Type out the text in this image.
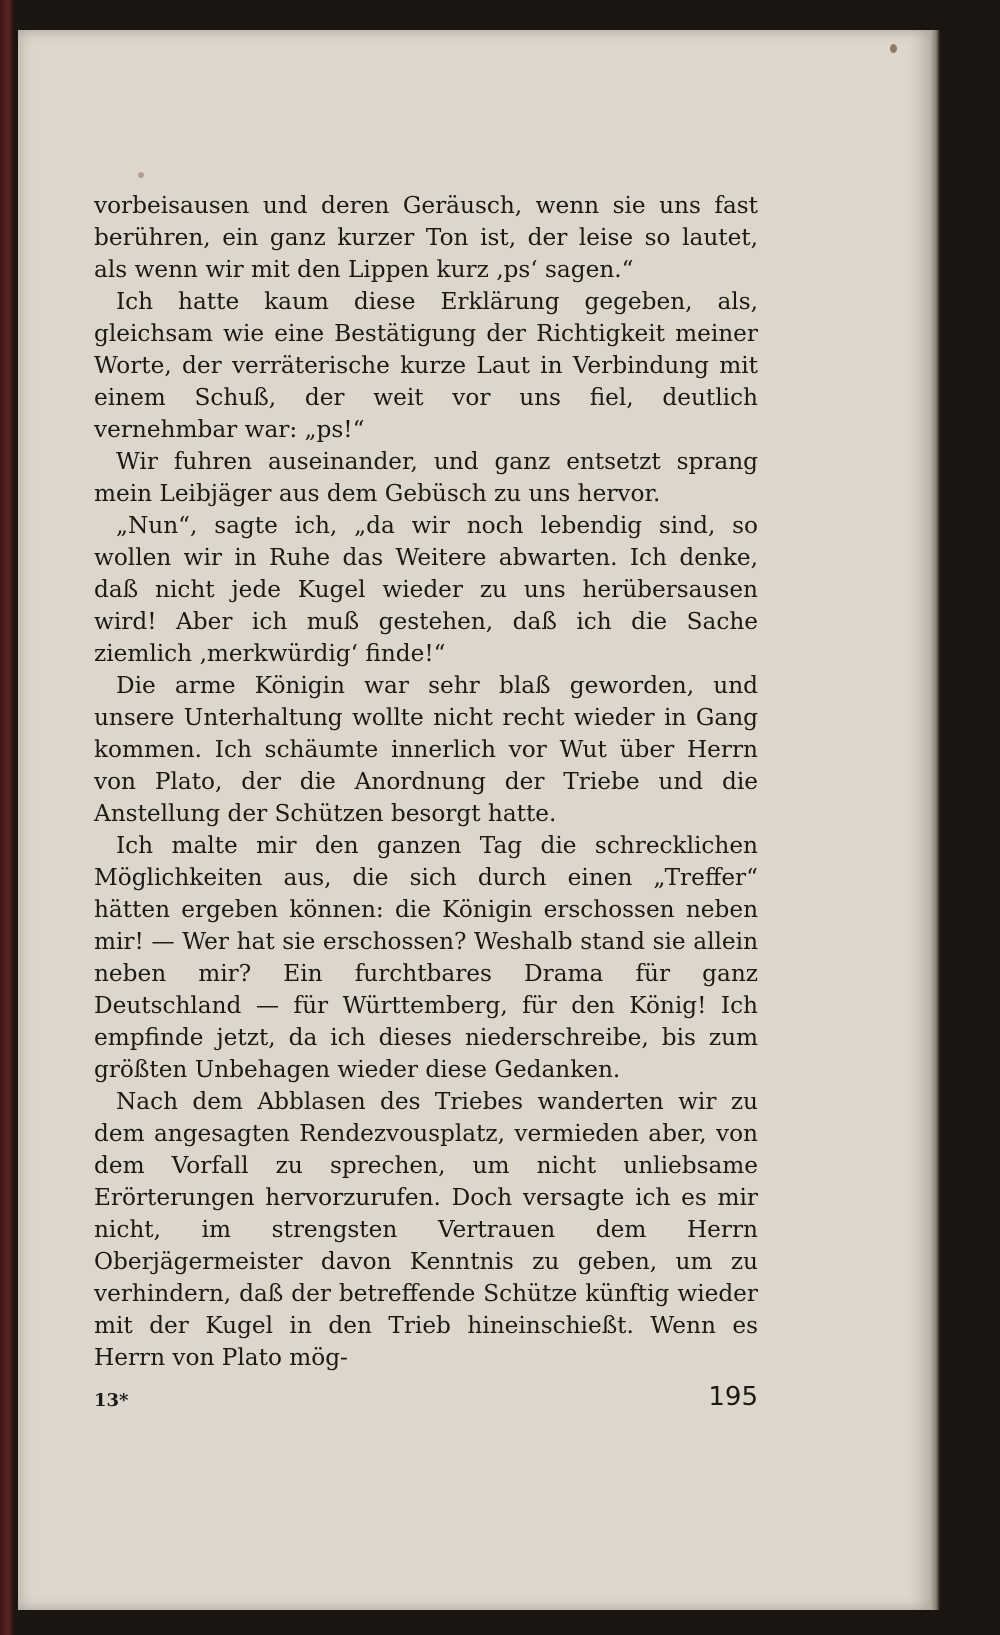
vorbeisausen und deren Geräusch, wenn sie uns fast berühren, ein ganz kurzer Ton ist, der leise so lautet, als wenn wir mit den Lippen kurz ‚ps‘ sagen.“

Ich hatte kaum diese Erklärung gegeben, als, gleichsam wie eine Bestätigung der Richtigkeit meiner Worte, der verräterische kurze Laut in Verbindung mit einem Schuß, der weit vor uns fiel, deutlich vernehmbar war: „ps!“

Wir fuhren auseinander, und ganz entsetzt sprang mein Leibjäger aus dem Gebüsch zu uns hervor.

„Nun“, sagte ich, „da wir noch lebendig sind, so wollen wir in Ruhe das Weitere abwarten. Ich denke, daß nicht jede Kugel wieder zu uns herübersausen wird! Aber ich muß gestehen, daß ich die Sache ziemlich ‚merkwürdig‘ finde!“

Die arme Königin war sehr blaß geworden, und unsere Unterhaltung wollte nicht recht wieder in Gang kommen. Ich schäumte innerlich vor Wut über Herrn von Plato, der die Anordnung der Triebe und die Anstellung der Schützen besorgt hatte.

Ich malte mir den ganzen Tag die schrecklichen Möglichkeiten aus, die sich durch einen „Treffer“ hätten ergeben können: die Königin erschossen neben mir! — Wer hat sie erschossen? Weshalb stand sie allein neben mir? Ein furchtbares Drama für ganz Deutschland — für Württemberg, für den König! Ich empfinde jetzt, da ich dieses niederschreibe, bis zum größten Unbehagen wieder diese Gedanken.

Nach dem Abblasen des Triebes wanderten wir zu dem angesagten Rendezvousplatz, vermieden aber, von dem Vorfall zu sprechen, um nicht unliebsame Erörterungen hervorzurufen. Doch versagte ich es mir nicht, im strengsten Vertrauen dem Herrn Oberjägermeister davon Kenntnis zu geben, um zu verhindern, daß der betreffende Schütze künftig wieder mit der Kugel in den Trieb hineinschießt. Wenn es Herrn von Plato mög-

13*	195
